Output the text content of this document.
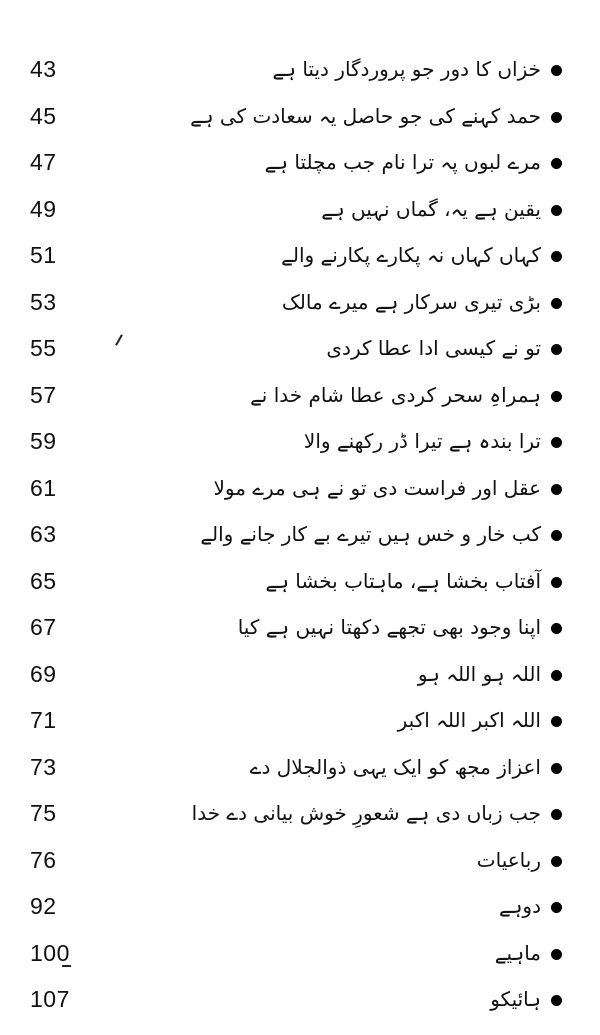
43	خزاں کا دور جو پروردگار دیتا ہے
45	حمد کہنے کی جو حاصل یہ سعادت کی ہے
47	مرے لبوں پہ ترا نام جب مچلتا ہے
49	یقین ہے یہ، گماں نہیں ہے
51	کہاں کہاں نہ پکارے پکارنے والے
53	بڑی تیری سرکار ہے میرے مالک
55	تو نے کیسی ادا عطا کردی
57	ہمراہِ سحر کردی عطا شام خدا نے
59	ترا بندہ ہے تیرا ڈر رکھنے والا
61	عقل اور فراست دی تو نے ہی مرے مولا
63	کب خار و خس ہیں تیرے بے کار جانے والے
65	آفتاب بخشا ہے، ماہتاب بخشا ہے
67	اپنا وجود بھی تجھے دکھتا نہیں ہے کیا
69	اللہ ہو اللہ ہو
71	اللہ اکبر اللہ اکبر
73	اعزاز مجھ کو ایک یہی ذوالجلال دے
75	جب زباں دی ہے شعورِ خوش بیانی دے خدا
76	رباعیات
92	دوہے
100	ماہیے
107	ہائیکو
